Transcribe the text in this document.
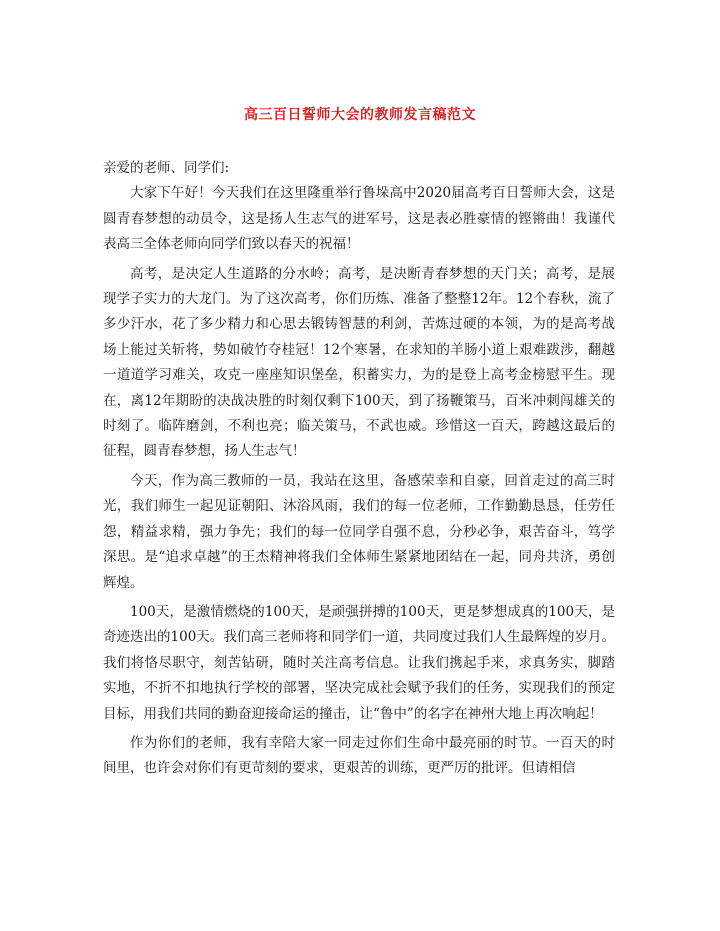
高三百日誓师大会的教师发言稿范文

亲爱的老师、同学们:

大家下午好！今天我们在这里隆重举行鲁垛高中2020届高考百日誓师大会，这是圆青春梦想的动员令，这是扬人生志气的进军号，这是表必胜豪情的铿锵曲！我谨代表高三全体老师向同学们致以春天的祝福！

高考，是决定人生道路的分水岭；高考，是决断青春梦想的天门关；高考，是展现学子实力的大龙门。为了这次高考，你们历炼、准备了整整12年。12个春秋，流了多少汗水，花了多少精力和心思去锻铸智慧的利剑，苦炼过硬的本领，为的是高考战场上能过关斩将，势如破竹夺桂冠！12个寒暑，在求知的羊肠小道上艰难跋涉，翻越一道道学习难关，攻克一座座知识堡垒，积蓄实力，为的是登上高考金榜慰平生。现在，离12年期盼的决战决胜的时刻仅剩下100天，到了扬鞭策马，百米冲刺闯雄关的时刻了。临阵磨剑，不利也亮；临关策马，不武也威。珍惜这一百天，跨越这最后的征程，圆青春梦想，扬人生志气！

今天，作为高三教师的一员，我站在这里，备感荣幸和自豪，回首走过的高三时光，我们师生一起见证朝阳、沐浴风雨，我们的每一位老师，工作勤勤恳恳，任劳任怨，精益求精，强力争先；我们的每一位同学自强不息，分秒必争，艰苦奋斗，笃学深思。是“追求卓越”的王杰精神将我们全体师生紧紧地团结在一起，同舟共济，勇创辉煌。

100天，是激情燃烧的100天，是顽强拼搏的100天，更是梦想成真的100天，是奇迹迭出的100天。我们高三老师将和同学们一道，共同度过我们人生最辉煌的岁月。我们将恪尽职守，刻苦钻研，随时关注高考信息。让我们携起手来，求真务实，脚踏实地，不折不扣地执行学校的部署，坚决完成社会赋予我们的任务，实现我们的预定目标，用我们共同的勤奋迎接命运的撞击，让“鲁中”的名字在神州大地上再次响起！

作为你们的老师，我有幸陪大家一同走过你们生命中最亮丽的时节。一百天的时间里，也许会对你们有更苛刻的要求，更艰苦的训练，更严厉的批评。但请相信
